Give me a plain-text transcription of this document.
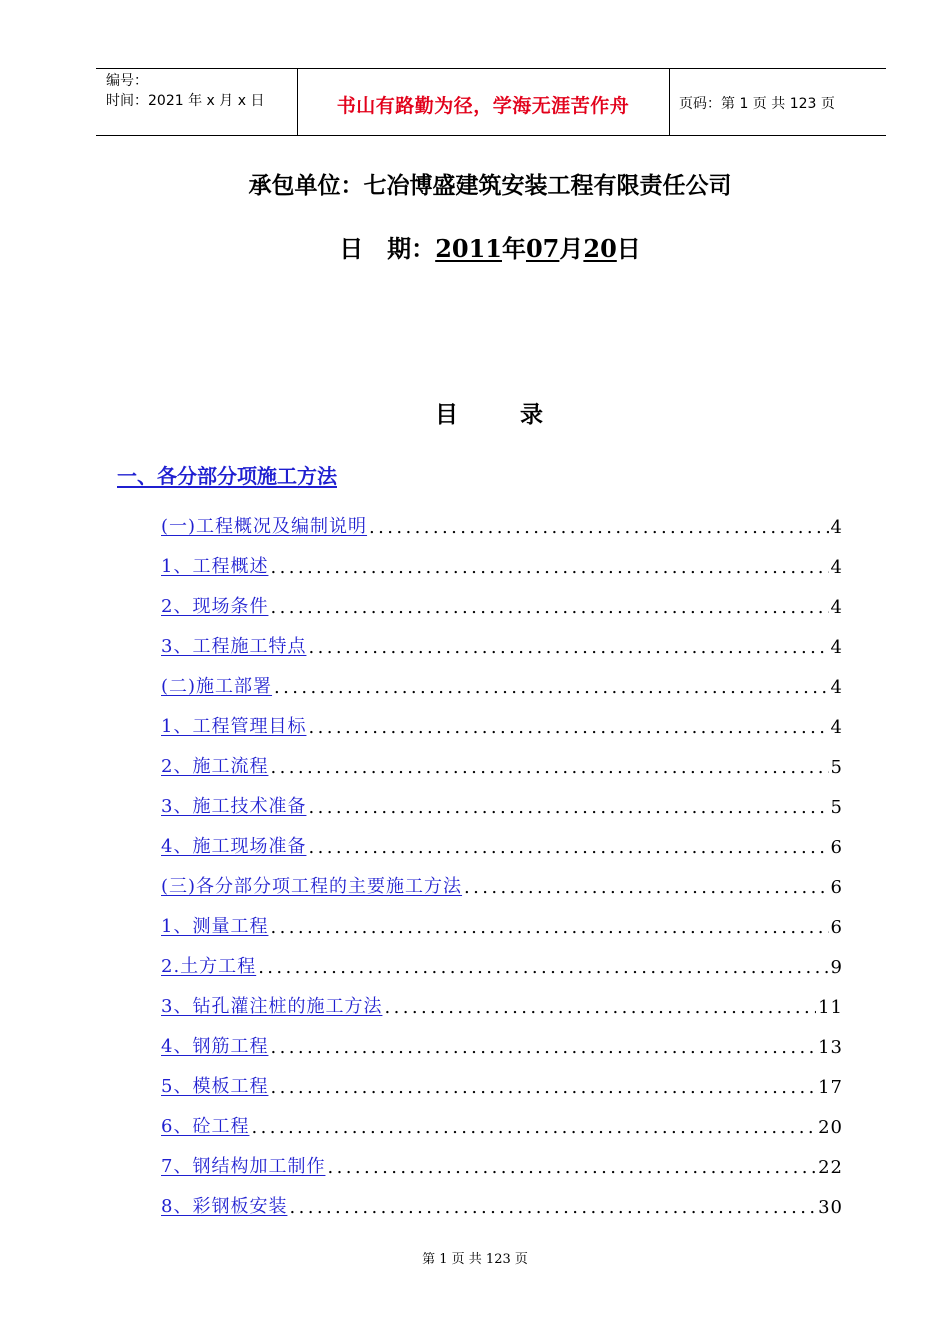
编号：
时间：2021 年 x 月 x 日	书山有路勤为径，学海无涯苦作舟	页码：第 1 页 共 123 页
承包单位：七冶博盛建筑安装工程有限责任公司
日　期：2011年07月20日
目	录
一、各分部分项施工方法
(一)工程概况及编制说明 .....	4
1、工程概述 .....	4
2、现场条件 .....	4
3、工程施工特点 .....	4
(二)施工部署 .....	4
1、工程管理目标 .....	4
2、施工流程 .....	5
3、施工技术准备 .....	5
4、施工现场准备 .....	6
(三)各分部分项工程的主要施工方法 .....	6
1、测量工程 .....	6
2.土方工程 .....	9
3、钻孔灌注桩的施工方法 .....	11
4、钢筋工程 .....	13
5、模板工程 .....	17
6、砼工程 .....	20
7、钢结构加工制作 .....	22
8、彩钢板安装 .....	30
第 1 页 共 123 页
